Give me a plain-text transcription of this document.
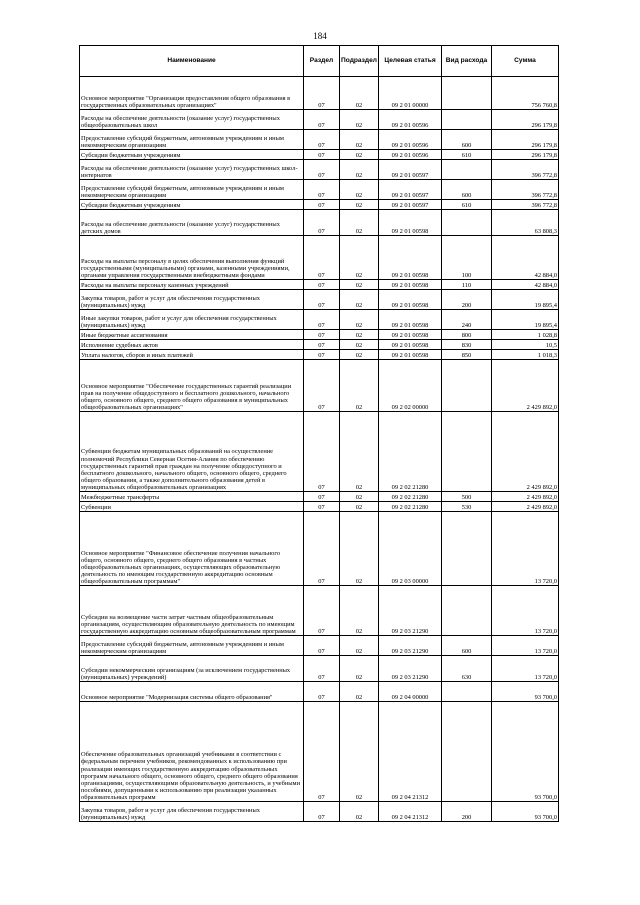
184
Наименование	Раздел	Подраздел	Целевая статья	Вид расхода	Сумма
Основное мероприятие "Организация предоставления общего образования в государственных образовательных организациях"	07	02	09 2 01 00000		756 760,8
Расходы на обеспечение деятельности (оказание услуг) государственных общеобразовательных школ	07	02	09 2 01 00596		296 179,8
Предоставление субсидий бюджетным, автономным учреждениям и иным некоммерческим организациям	07	02	09 2 01 00596	600	296 179,8
Субсидии бюджетным учреждениям	07	02	09 2 01 00596	610	296 179,8
Расходы на обеспечение деятельности (оказание услуг) государственных школ-интернатов	07	02	09 2 01 00597		396 772,8
Предоставление субсидий бюджетным, автономным учреждениям и иным некоммерческим организациям	07	02	09 2 01 00597	600	396 772,8
Субсидии бюджетным учреждениям	07	02	09 2 01 00597	610	396 772,8
Расходы на обеспечение деятельности (оказание услуг) государственных детских домов	07	02	09 2 01 00598		63 808,3
Расходы на выплаты персоналу в целях обеспечения выполнения функций государственными (муниципальными) органами, казенными учреждениями, органами управления государственными внебюджетными фондами	07	02	09 2 01 00598	100	42 884,0
Расходы на выплаты персоналу казенных учреждений	07	02	09 2 01 00598	110	42 884,0
Закупка товаров, работ и услуг для обеспечения государственных (муниципальных) нужд	07	02	09 2 01 00598	200	19 895,4
Иные закупки товаров, работ и услуг для обеспечения государственных (муниципальных) нужд	07	02	09 2 01 00598	240	19 895,4
Иные бюджетные ассигнования	07	02	09 2 01 00598	800	1 028,8
Исполнение судебных актов	07	02	09 2 01 00598	830	10,5
Уплата налогов, сборов и иных платежей	07	02	09 2 01 00598	850	1 018,3
Основное мероприятие "Обеспечение государственных гарантий реализации прав на получение общедоступного и бесплатного дошкольного, начального общего, основного общего, среднего общего образования в муниципальных общеобразовательных организациях"	07	02	09 2 02 00000		2 429 892,0
Субвенции бюджетам муниципальных образований на осуществление полномочий Республики Северная Осетия-Алания по обеспечению государственных гарантий прав граждан на получение общедоступного и бесплатного дошкольного, начального общего, основного общего, среднего общего образования, а также дополнительного образования детей в муниципальных общеобразовательных организациях	07	02	09 2 02 21280		2 429 892,0
Межбюджетные трансферты	07	02	09 2 02 21280	500	2 429 892,0
Субвенции	07	02	09 2 02 21280	530	2 429 892,0
Основное мероприятие "Финансовое обеспечение получения начального общего, основного общего, среднего общего образования в частных общеобразовательных организациях, осуществляющих образовательную деятельность по имеющим государственную аккредитацию основным общеобразовательным программам"	07	02	09 2 03 00000		13 720,0
Субсидии на возмещение части затрат частным общеобразовательным организациям, осуществляющим образовательную деятельность по имеющим государственную аккредитацию основным общеобразовательным программам	07	02	09 2 03 21290		13 720,0
Предоставление субсидий бюджетным, автономным учреждениям и иным некоммерческим организациям	07	02	09 2 03 21290	600	13 720,0
Субсидии некоммерческим организациям (за исключением государственных (муниципальных) учреждений)	07	02	09 2 03 21290	630	13 720,0
Основное мероприятие "Модернизация системы общего образования"	07	02	09 2 04 00000		93 700,0
Обеспечение образовательных организаций учебниками в соответствии с федеральным перечнем учебников, рекомендованных к использованию при реализации имеющих государственную аккредитацию образовательных программ начального общего, основного общего, среднего общего образования организациями, осуществляющими образовательную деятельность, и учебными пособиями, допущенными к использованию при реализации указанных образовательных программ	07	02	09 2 04 21312		93 700,0
Закупка товаров, работ и услуг для обеспечения государственных (муниципальных) нужд	07	02	09 2 04 21312	200	93 700,0
